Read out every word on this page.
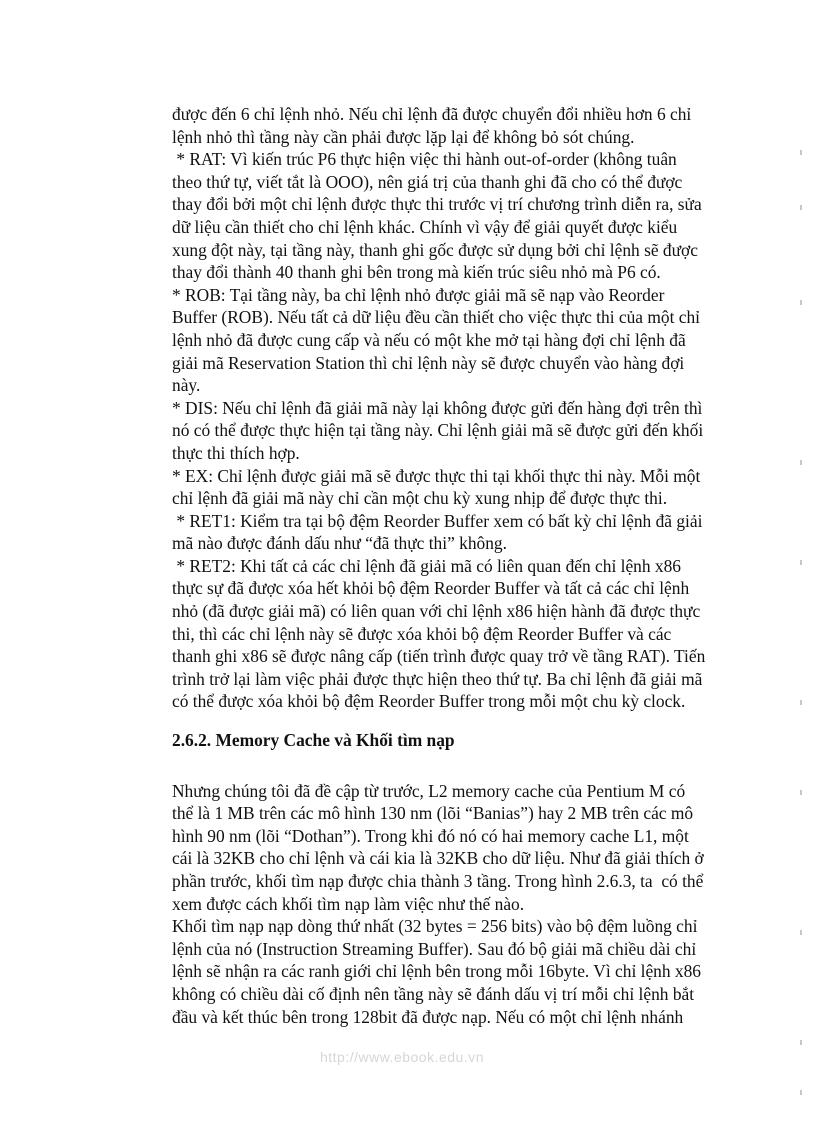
được đến 6 chỉ lệnh nhỏ. Nếu chỉ lệnh đã được chuyển đổi nhiều hơn 6 chỉ
lệnh nhỏ thì tầng này cần phải được lặp lại để không bỏ sót chúng.

* RAT: Vì kiến trúc P6 thực hiện việc thi hành out-of-order (không tuân
theo thứ tự, viết tắt là OOO), nên giá trị của thanh ghi đã cho có thể được
thay đổi bởi một chỉ lệnh được thực thi trước vị trí chương trình diễn ra, sửa
dữ liệu cần thiết cho chỉ lệnh khác. Chính vì vậy để giải quyết được kiểu
xung đột này, tại tầng này, thanh ghi gốc được sử dụng bởi chỉ lệnh sẽ được
thay đổi thành 40 thanh ghi bên trong mà kiến trúc siêu nhỏ mà P6 có.

* ROB: Tại tầng này, ba chỉ lệnh nhỏ được giải mã sẽ nạp vào Reorder
Buffer (ROB). Nếu tất cả dữ liệu đều cần thiết cho việc thực thi của một chỉ
lệnh nhỏ đã được cung cấp và nếu có một khe mở tại hàng đợi chỉ lệnh đã
giải mã Reservation Station thì chỉ lệnh này sẽ được chuyển vào hàng đợi
này.

* DIS: Nếu chỉ lệnh đã giải mã này lại không được gửi đến hàng đợi trên thì
nó có thể được thực hiện tại tầng này. Chỉ lệnh giải mã sẽ được gửi đến khối
thực thi thích hợp.

* EX: Chỉ lệnh được giải mã sẽ được thực thi tại khối thực thi này. Mỗi một
chỉ lệnh đã giải mã này chỉ cần một chu kỳ xung nhịp để được thực thi.

* RET1: Kiểm tra tại bộ đệm Reorder Buffer xem có bất kỳ chỉ lệnh đã giải
mã nào được đánh dấu như “đã thực thi” không.

* RET2: Khi tất cả các chỉ lệnh đã giải mã có liên quan đến chỉ lệnh x86
thực sự đã được xóa hết khỏi bộ đệm Reorder Buffer và tất cả các chỉ lệnh
nhỏ (đã được giải mã) có liên quan với chỉ lệnh x86 hiện hành đã được thực
thi, thì các chỉ lệnh này sẽ được xóa khỏi bộ đệm Reorder Buffer và các
thanh ghi x86 sẽ được nâng cấp (tiến trình được quay trở về tầng RAT). Tiến
trình trở lại làm việc phải được thực hiện theo thứ tự. Ba chỉ lệnh đã giải mã
có thể được xóa khỏi bộ đệm Reorder Buffer trong mỗi một chu kỳ clock.

2.6.2. Memory Cache và Khối tìm nạp

Nhưng chúng tôi đã đề cập từ trước, L2 memory cache của Pentium M có
thể là 1 MB trên các mô hình 130 nm (lõi “Banias”) hay 2 MB trên các mô
hình 90 nm (lõi “Dothan”). Trong khi đó nó có hai memory cache L1, một
cái là 32KB cho chỉ lệnh và cái kia là 32KB cho dữ liệu. Như đã giải thích ở
phần trước, khối tìm nạp được chia thành 3 tầng. Trong hình 2.6.3, ta  có thể
xem được cách khối tìm nạp làm việc như thế nào.

Khối tìm nạp nạp dòng thứ nhất (32 bytes = 256 bits) vào bộ đệm luồng chỉ
lệnh của nó (Instruction Streaming Buffer). Sau đó bộ giải mã chiều dài chỉ
lệnh sẽ nhận ra các ranh giới chỉ lệnh bên trong mỗi 16byte. Vì chỉ lệnh x86
không có chiều dài cố định nên tầng này sẽ đánh dấu vị trí mỗi chỉ lệnh bắt
đầu và kết thúc bên trong 128bit đã được nạp. Nếu có một chỉ lệnh nhánh

http://www.ebook.edu.vn
